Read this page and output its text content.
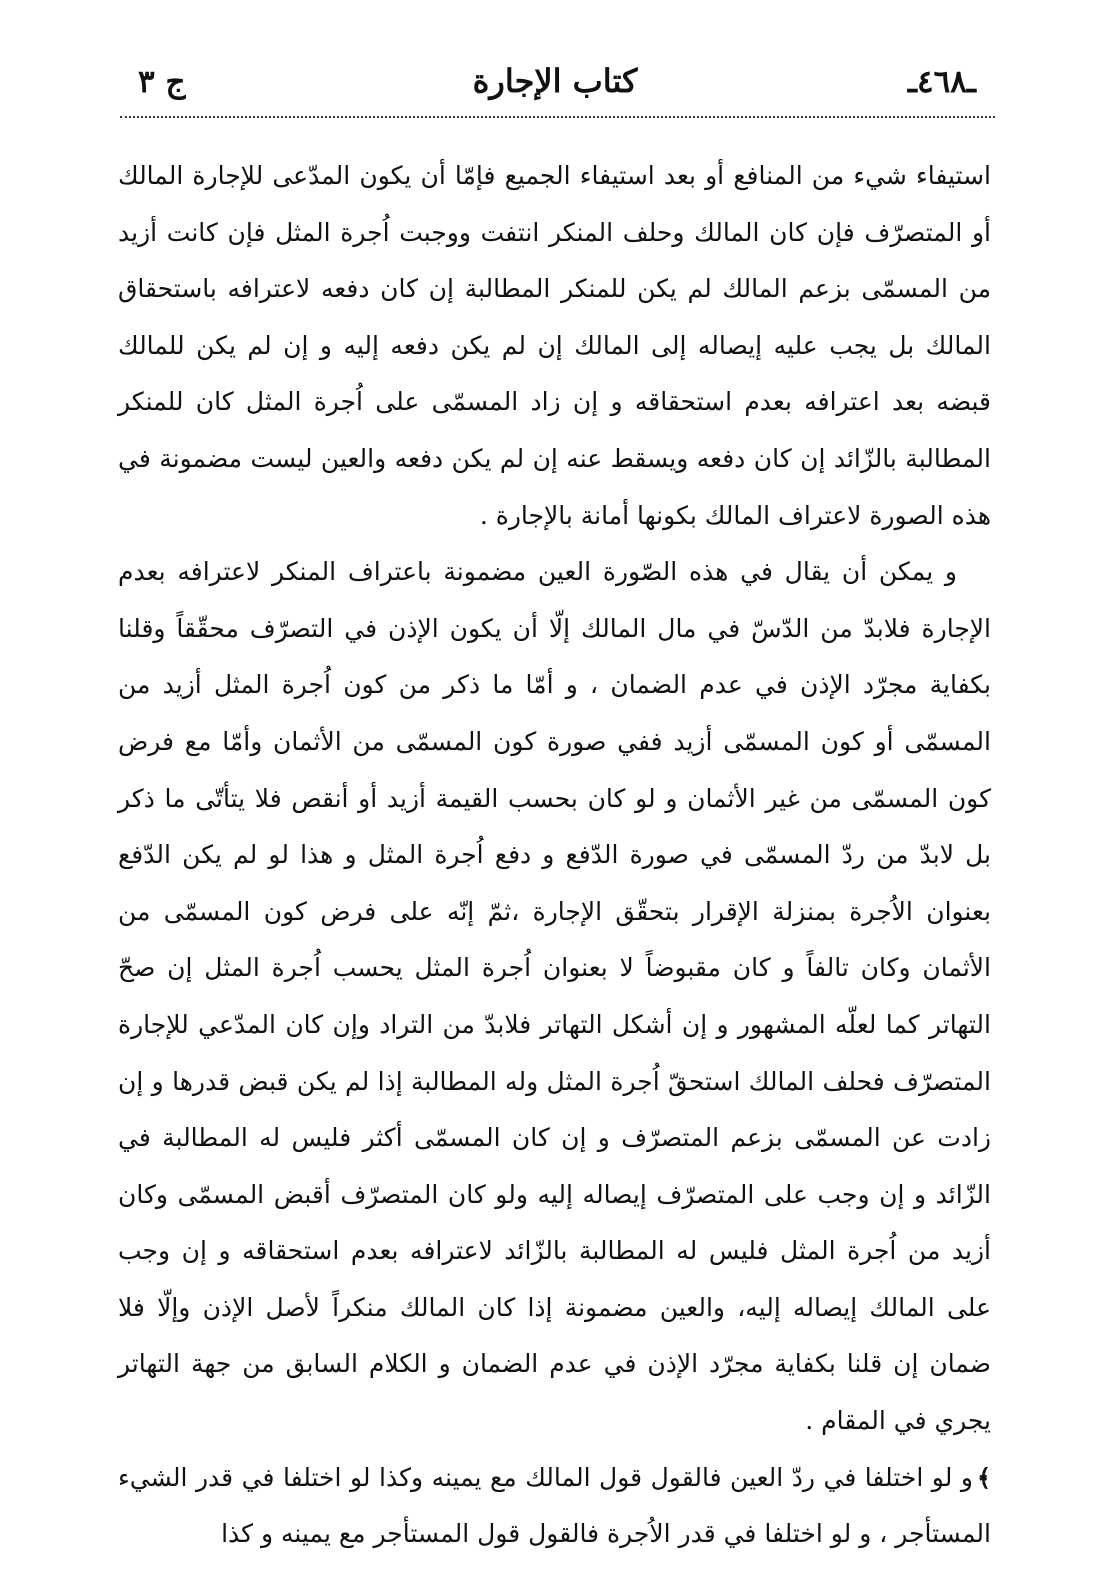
ـ٤٦٨ـ
كتاب الإجارة
ج ٣

استيفاء شيء من المنافع أو بعد استيفاء الجميع فإمّا أن يكون المدّعى للإجارة المالك أو المتصرّف فإن كان المالك وحلف المنكر انتفت ووجبت اُجرة المثل فإن كانت أزيد من المسمّى بزعم المالك لم يكن للمنكر المطالبة إن كان دفعه لاعترافه باستحقاق المالك بل يجب عليه إيصاله إلى المالك إن لم يكن دفعه إليه و إن لم يكن للمالك قبضه بعد اعترافه بعدم استحقاقه و إن زاد المسمّى على اُجرة المثل كان للمنكر المطالبة بالزّائد إن كان دفعه ويسقط عنه إن لم يكن دفعه والعين ليست مضمونة في هذه الصورة لاعتراف المالك بكونها أمانة بالإجارة .

و يمكن أن يقال في هذه الصّورة العين مضمونة باعتراف المنكر لاعترافه بعدم الإجارة فلابدّ من الدّسّ في مال المالك إلّا أن يكون الإذن في التصرّف محقّقاً وقلنا بكفاية مجرّد الإذن في عدم الضمان ، و أمّا ما ذكر من كون اُجرة المثل أزيد من المسمّى أو كون المسمّى أزيد ففي صورة كون المسمّى من الأثمان وأمّا مع فرض كون المسمّى من غير الأثمان و لو كان بحسب القيمة أزيد أو أنقص فلا يتأتّى ما ذكر بل لابدّ من ردّ المسمّى في صورة الدّفع و دفع اُجرة المثل و هذا لو لم يكن الدّفع بعنوان الاُجرة بمنزلة الإقرار بتحقّق الإجارة ،ثمّ إنّه على فرض كون المسمّى من الأثمان وكان تالفاً و كان مقبوضاً لا بعنوان اُجرة المثل يحسب اُجرة المثل إن صحّ التهاتر كما لعلّه المشهور و إن أشكل التهاتر فلابدّ من التراد وإن كان المدّعي للإجارة المتصرّف فحلف المالك استحقّ اُجرة المثل وله المطالبة إذا لم يكن قبض قدرها و إن زادت عن المسمّى بزعم المتصرّف و إن كان المسمّى أكثر فليس له المطالبة في الزّائد و إن وجب على المتصرّف إيصاله إليه ولو كان المتصرّف أقبض المسمّى وكان أزيد من اُجرة المثل فليس له المطالبة بالزّائد لاعترافه بعدم استحقاقه و إن وجب على المالك إيصاله إليه، والعين مضمونة إذا كان المالك منكراً لأصل الإذن وإلّا فلا ضمان إن قلنا بكفاية مجرّد الإذن في عدم الضمان و الكلام السابق من جهة التهاتر يجري في المقام .

﴾و لو اختلفا في ردّ العين فالقول قول المالك مع يمينه وكذا لو اختلفا في قدر الشيء المستأجر ، و لو اختلفا في قدر الاُجرة فالقول قول المستأجر مع يمينه و كذا
